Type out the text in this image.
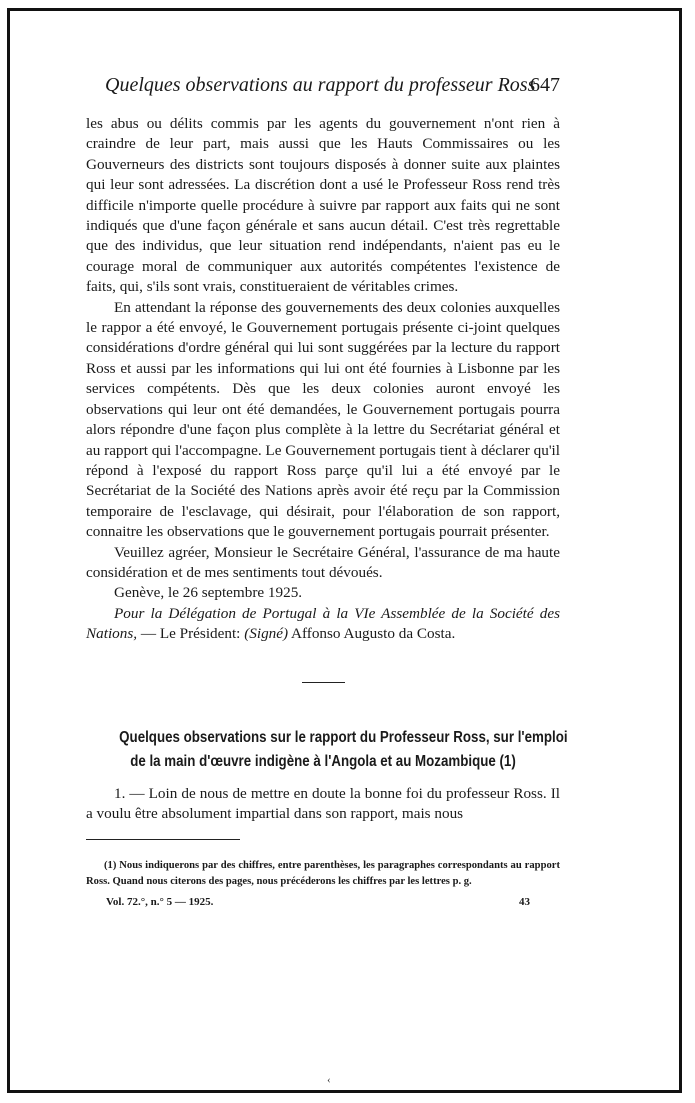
Quelques observations au rapport du professeur Ross
647

les abus ou délits commis par les agents du gouvernement n'ont rien à craindre de leur part, mais aussi que les Hauts Commissaires ou les Gouverneurs des districts sont toujours disposés à donner suite aux plaintes qui leur sont adressées. La discrétion dont a usé le Professeur Ross rend très difficile n'importe quelle procédure à suivre par rapport aux faits qui ne sont indiqués que d'une façon générale et sans aucun détail. C'est très regrettable que des individus, que leur situation rend indépendants, n'aient pas eu le courage moral de communiquer aux autorités compétentes l'existence de faits, qui, s'ils sont vrais, constitueraient de véritables crimes.

En attendant la réponse des gouvernements des deux colonies auxquelles le rappor a été envoyé, le Gouvernement portugais présente ci-joint quelques considérations d'ordre général qui lui sont suggérées par la lecture du rapport Ross et aussi par les informations qui lui ont été fournies à Lisbonne par les services compétents. Dès que les deux colonies auront envoyé les observations qui leur ont été demandées, le Gouvernement portugais pourra alors répondre d'une façon plus complète à la lettre du Secrétariat général et au rapport qui l'accompagne. Le Gouvernement portugais tient à déclarer qu'il répond à l'exposé du rapport Ross parçe qu'il lui a été envoyé par le Secrétariat de la Société des Nations après avoir été reçu par la Commission temporaire de l'esclavage, qui désirait, pour l'élaboration de son rapport, connaitre les observations que le gouvernement portugais pourrait présenter.

Veuillez agréer, Monsieur le Secrétaire Général, l'assurance de ma haute considération et de mes sentiments tout dévoués.

Genève, le 26 septembre 1925.

Pour la Délégation de Portugal à la VIe Assemblée de la Société des Nations, — Le Président: (Signé) Affonso Augusto da Costa.

Quelques observations sur le rapport du Professeur Ross, sur l'emploi
de la main d'œuvre indigène à l'Angola et au Mozambique (1)

1. — Loin de nous de mettre en doute la bonne foi du professeur Ross. Il a voulu être absolument impartial dans son rapport, mais nous

(1) Nous indiquerons par des chiffres, entre parenthèses, les paragraphes correspondants au rapport Ross. Quand nous citerons des pages, nous précéderons les chiffres par les lettres p. g.

Vol. 72.°, n.° 5 — 1925.	43
‹
